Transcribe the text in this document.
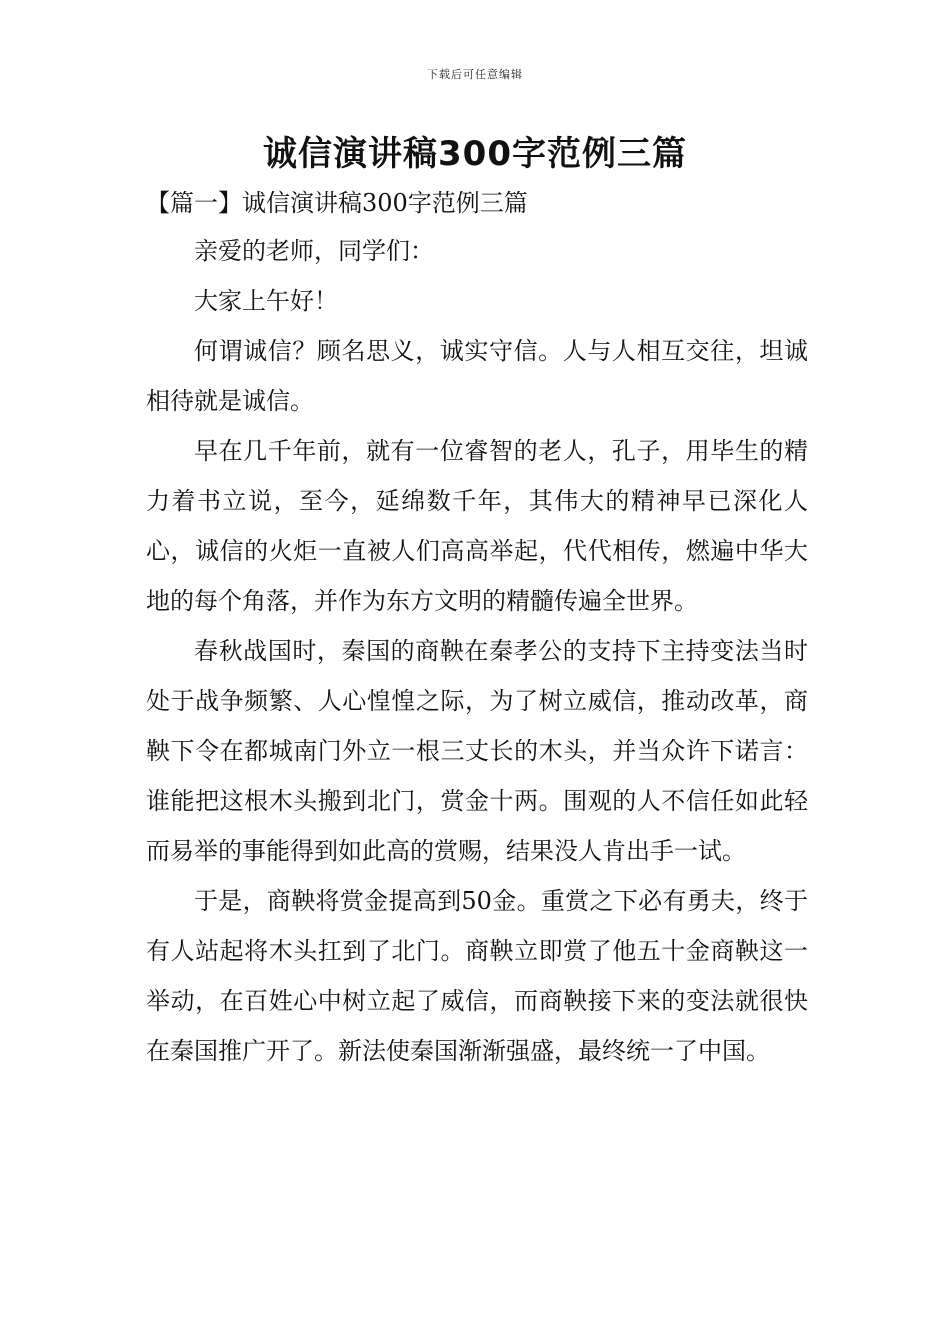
下载后可任意编辑
诚信演讲稿300字范例三篇
【篇一】诚信演讲稿300字范例三篇

亲爱的老师，同学们：

大家上午好！

何谓诚信？顾名思义，诚实守信。人与人相互交往，坦诚相待就是诚信。

早在几千年前，就有一位睿智的老人，孔子，用毕生的精力着书立说，至今，延绵数千年，其伟大的精神早已深化人心，诚信的火炬一直被人们高高举起，代代相传，燃遍中华大地的每个角落，并作为东方文明的精髓传遍全世界。

春秋战国时，秦国的商鞅在秦孝公的支持下主持变法当时处于战争频繁、人心惶惶之际，为了树立威信，推动改革，商鞅下令在都城南门外立一根三丈长的木头，并当众许下诺言：谁能把这根木头搬到北门，赏金十两。围观的人不信任如此轻而易举的事能得到如此高的赏赐，结果没人肯出手一试。

于是，商鞅将赏金提高到50金。重赏之下必有勇夫，终于有人站起将木头扛到了北门。商鞅立即赏了他五十金商鞅这一举动，在百姓心中树立起了威信，而商鞅接下来的变法就很快在秦国推广开了。新法使秦国渐渐强盛，最终统一了中国。
